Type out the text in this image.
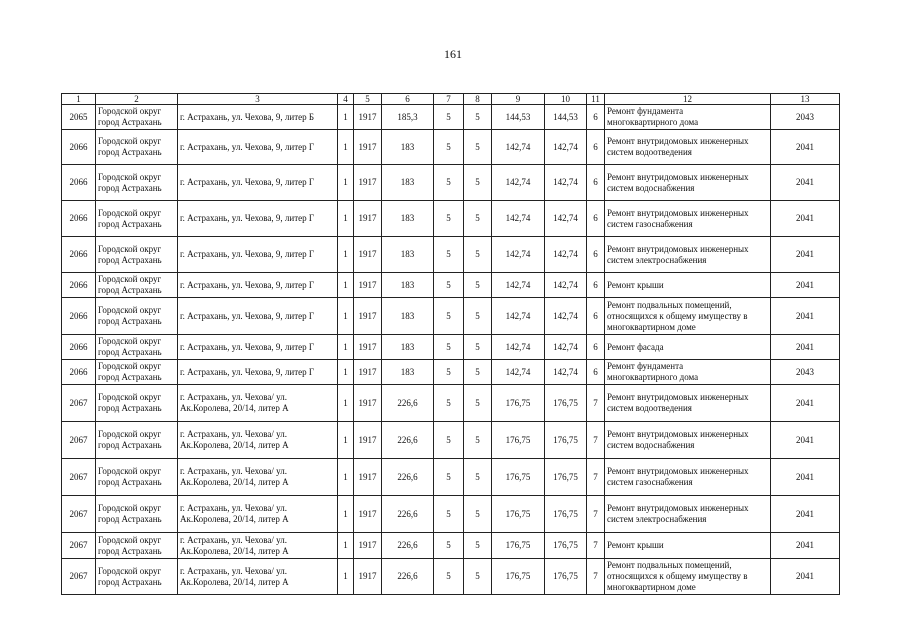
161
1	2	3	4	5	6	7	8	9	10	11	12	13
2065	Городской округ
город Астрахань	г. Астрахань, ул. Чехова, 9, литер Б	1	1917	185,3	5	5	144,53	144,53	6	Ремонт фундамента
многоквартирного дома	2043
2066	Городской округ
город Астрахань	г. Астрахань, ул. Чехова, 9, литер Г	1	1917	183	5	5	142,74	142,74	6	Ремонт внутридомовых инженерных
систем водоотведения	2041
2066	Городской округ
город Астрахань	г. Астрахань, ул. Чехова, 9, литер Г	1	1917	183	5	5	142,74	142,74	6	Ремонт внутридомовых инженерных
систем водоснабжения	2041
2066	Городской округ
город Астрахань	г. Астрахань, ул. Чехова, 9, литер Г	1	1917	183	5	5	142,74	142,74	6	Ремонт внутридомовых инженерных
систем газоснабжения	2041
2066	Городской округ
город Астрахань	г. Астрахань, ул. Чехова, 9, литер Г	1	1917	183	5	5	142,74	142,74	6	Ремонт внутридомовых инженерных
систем электроснабжения	2041
2066	Городской округ
город Астрахань	г. Астрахань, ул. Чехова, 9, литер Г	1	1917	183	5	5	142,74	142,74	6	Ремонт крыши	2041
2066	Городской округ
город Астрахань	г. Астрахань, ул. Чехова, 9, литер Г	1	1917	183	5	5	142,74	142,74	6	Ремонт подвальных помещений,
относящихся к общему имуществу в
многоквартирном доме	2041
2066	Городской округ
город Астрахань	г. Астрахань, ул. Чехова, 9, литер Г	1	1917	183	5	5	142,74	142,74	6	Ремонт фасада	2041
2066	Городской округ
город Астрахань	г. Астрахань, ул. Чехова, 9, литер Г	1	1917	183	5	5	142,74	142,74	6	Ремонт фундамента
многоквартирного дома	2043
2067	Городской округ
город Астрахань	г. Астрахань, ул. Чехова/ ул.
Ак.Королева, 20/14, литер А	1	1917	226,6	5	5	176,75	176,75	7	Ремонт внутридомовых инженерных
систем водоотведения	2041
2067	Городской округ
город Астрахань	г. Астрахань, ул. Чехова/ ул.
Ак.Королева, 20/14, литер А	1	1917	226,6	5	5	176,75	176,75	7	Ремонт внутридомовых инженерных
систем водоснабжения	2041
2067	Городской округ
город Астрахань	г. Астрахань, ул. Чехова/ ул.
Ак.Королева, 20/14, литер А	1	1917	226,6	5	5	176,75	176,75	7	Ремонт внутридомовых инженерных
систем газоснабжения	2041
2067	Городской округ
город Астрахань	г. Астрахань, ул. Чехова/ ул.
Ак.Королева, 20/14, литер А	1	1917	226,6	5	5	176,75	176,75	7	Ремонт внутридомовых инженерных
систем электроснабжения	2041
2067	Городской округ
город Астрахань	г. Астрахань, ул. Чехова/ ул.
Ак.Королева, 20/14, литер А	1	1917	226,6	5	5	176,75	176,75	7	Ремонт крыши	2041
2067	Городской округ
город Астрахань	г. Астрахань, ул. Чехова/ ул.
Ак.Королева, 20/14, литер А	1	1917	226,6	5	5	176,75	176,75	7	Ремонт подвальных помещений,
относящихся к общему имуществу в
многоквартирном доме	2041
